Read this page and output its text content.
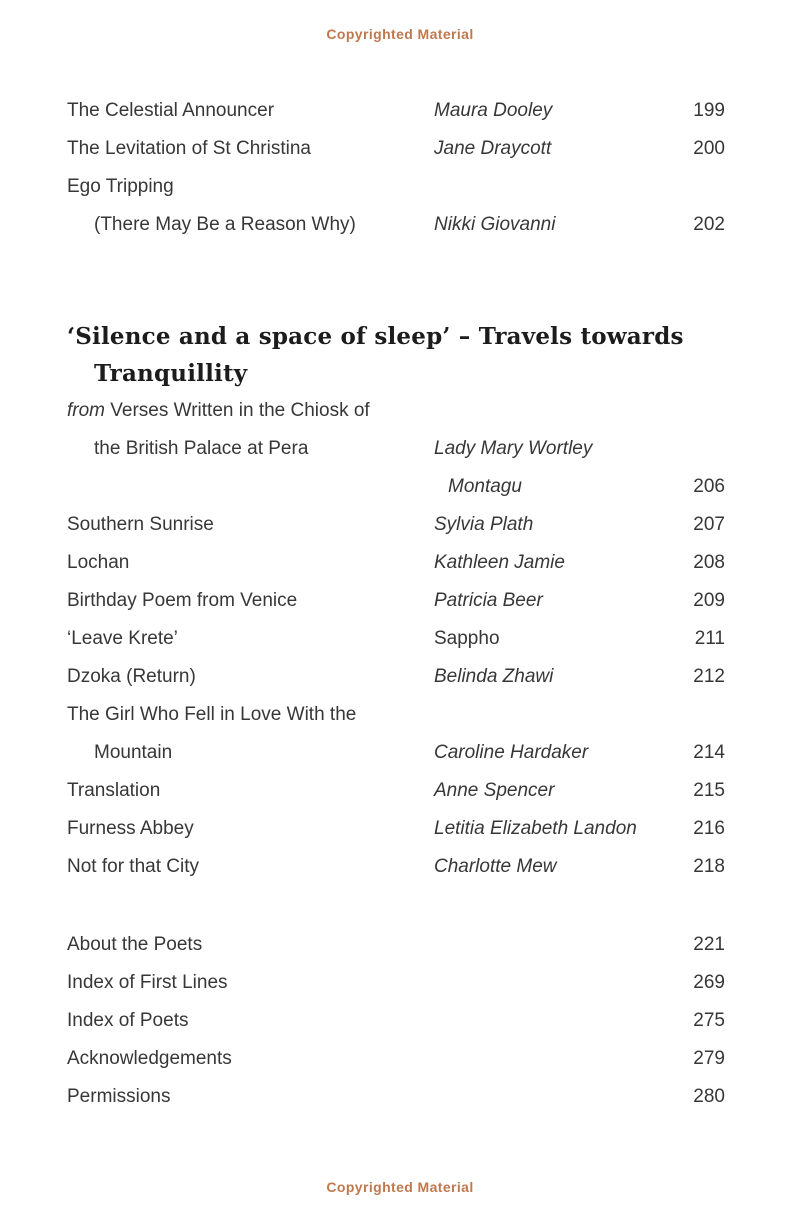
Copyrighted Material
The Celestial Announcer	Maura Dooley	199
The Levitation of St Christina	Jane Draycott	200
Ego Tripping
(There May Be a Reason Why)	Nikki Giovanni	202
‘Silence and a space of sleep’ – Travels towards
Tranquillity
from Verses Written in the Chiosk of
the British Palace at Pera	Lady Mary Wortley
Montagu	206
Southern Sunrise	Sylvia Plath	207
Lochan	Kathleen Jamie	208
Birthday Poem from Venice	Patricia Beer	209
‘Leave Krete’	Sappho	211
Dzoka (Return)	Belinda Zhawi	212
The Girl Who Fell in Love With the
Mountain	Caroline Hardaker	214
Translation	Anne Spencer	215
Furness Abbey	Letitia Elizabeth Landon	216
Not for that City	Charlotte Mew	218
About the Poets	221
Index of First Lines	269
Index of Poets	275
Acknowledgements	279
Permissions	280
Copyrighted Material
